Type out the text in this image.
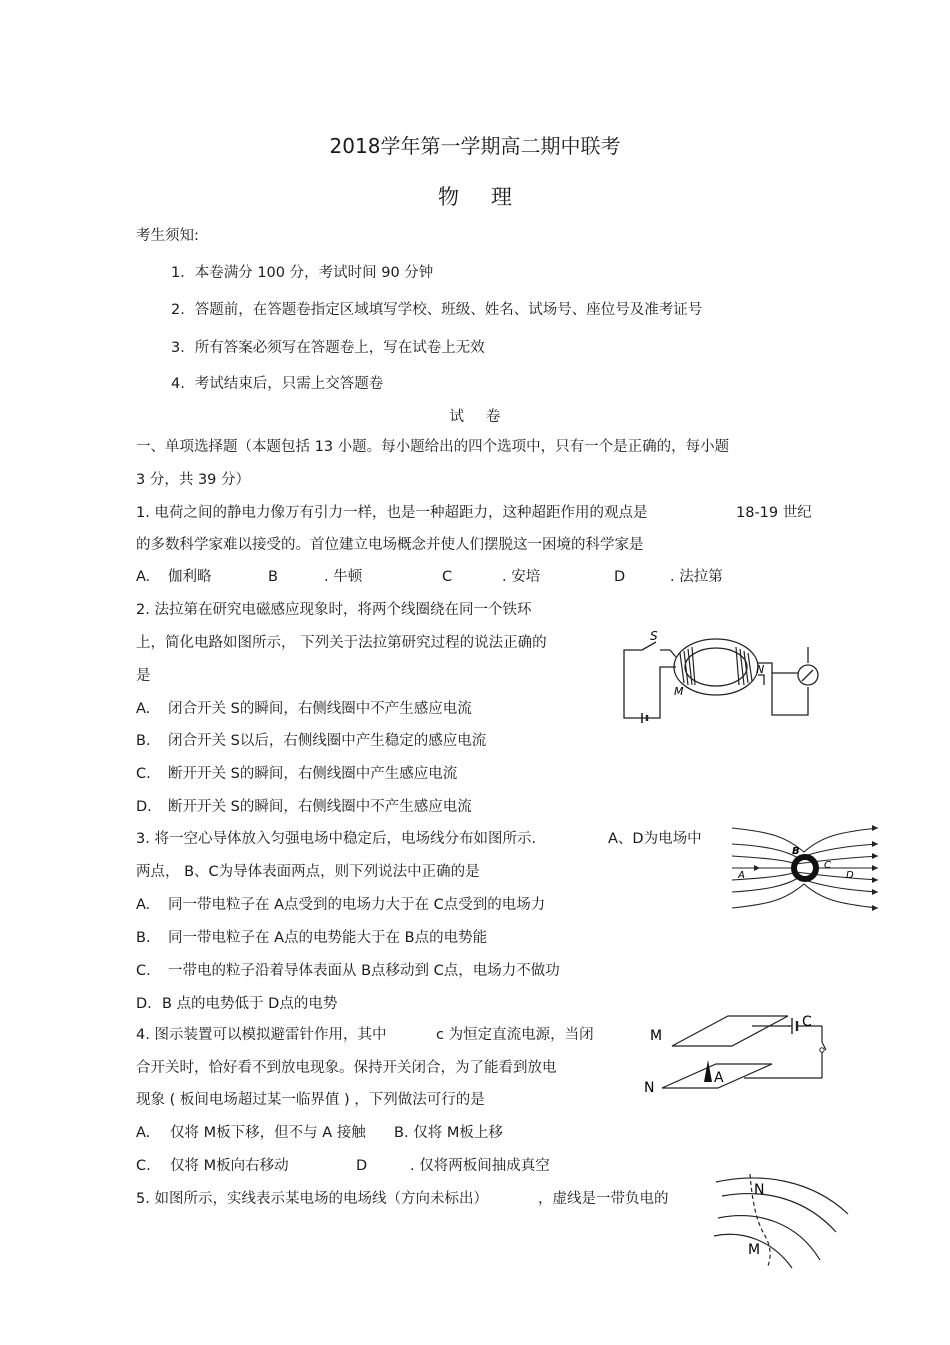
2018学年第一学期高二期中联考
物理
考生须知:
1．本卷满分 100 分，考试时间 90 分钟
2．答题前，在答题卷指定区域填写学校、班级、姓名、试场号、座位号及准考证号
3．所有答案必须写在答题卷上，写在试卷上无效
4．考试结束后，只需上交答题卷
试卷
一、单项选择题（本题包括 13 小题。每小题给出的四个选项中，只有一个是正确的，每小题
3 分，共 39 分）
1. 电荷之间的静电力像万有引力一样，也是一种超距力，这种超距作用的观点是	18-19 世纪
的多数科学家难以接受的。首位建立电场概念并使人们摆脱这一困境的科学家是
A. 伽利略	B	. 牛顿	C	. 安培	D	. 法拉第
2. 法拉第在研究电磁感应现象时，将两个线圈绕在同一个铁环
上，简化电路如图所示， 下列关于法拉第研究过程的说法正确的
是
A. 闭合开关 S的瞬间，右侧线圈中不产生感应电流
B. 闭合开关 S以后，右侧线圈中产生稳定的感应电流
C. 断开开关 S的瞬间，右侧线圈中产生感应电流
D. 断开开关 S的瞬间，右侧线圈中不产生感应电流
S
M
N
3. 将一空心导体放入匀强电场中稳定后，电场线分布如图所示.	A、D为电场中
两点， B、C为导体表面两点，则下列说法中正确的是
A. 同一带电粒子在 A点受到的电场力大于在 C点受到的电场力
B. 同一带电粒子在 A点的电势能大于在 B点的电势能
C. 一带电的粒子沿着导体表面从 B点移动到 C点，电场力不做功
D. B 点的电势低于 D点的电势
A
B
C
D
4. 图示装置可以模拟避雷针作用，其中	c 为恒定直流电源，当闭
合开关时，恰好看不到放电现象。保持开关闭合，为了能看到放电
现象 ( 板间电场超过某一临界值 ) ，下列做法可行的是
A. 仅将 M板下移，但不与 A 接触 B . 仅将 M板上移
C. 仅将 M板向右移动	D	. 仅将两板间抽成真空
M
N
A
C
5. 如图所示，实线表示某电场的电场线（方向未标出）	，虚线是一带负电的
N
M
